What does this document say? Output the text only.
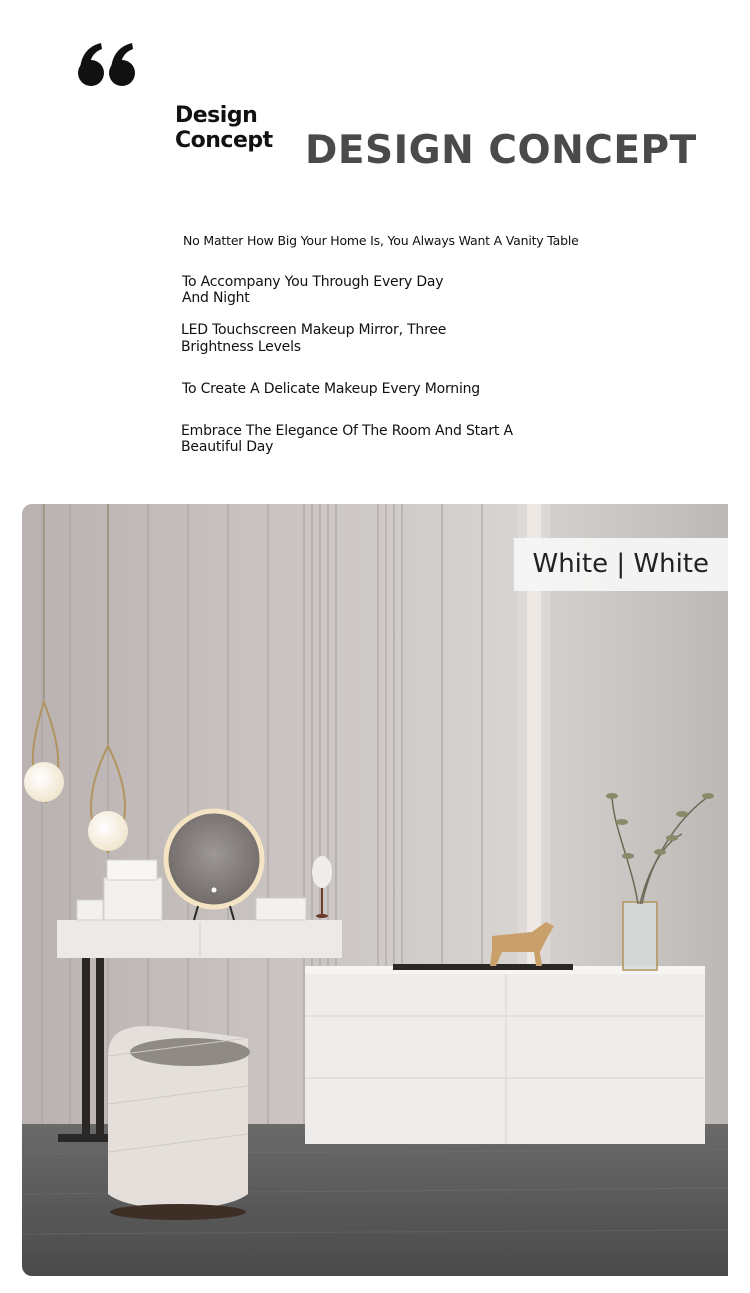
Design
Concept DESIGN CONCEPT
No Matter How Big Your Home Is, You Always Want A Vanity Table
To Accompany You Through Every Day
And Night
LED Touchscreen Makeup Mirror, Three
Brightness Levels
To Create A Delicate Makeup Every Morning
Embrace The Elegance Of The Room And Start A
Beautiful Day
White | White
